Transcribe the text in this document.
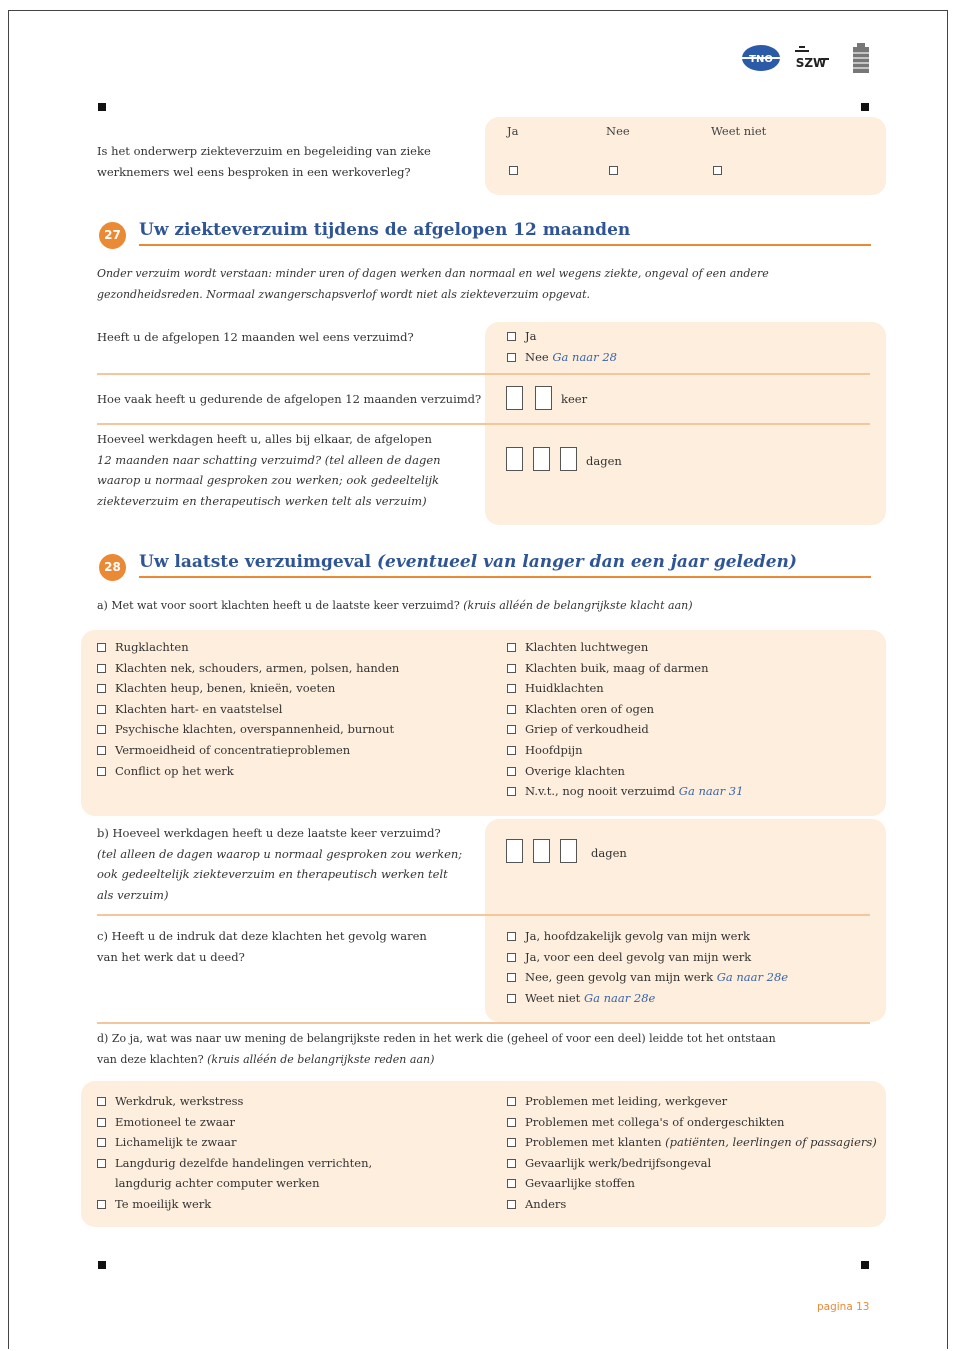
TNO SZW
Is het onderwerp ziekteverzuim en begeleiding van zieke
werknemers wel eens besproken in een werkoverleg?
Ja	Nee	Weet niet
27	Uw ziekteverzuim tijdens de afgelopen 12 maanden
Onder verzuim wordt verstaan: minder uren of dagen werken dan normaal en wel wegens ziekte, ongeval of een andere
gezondheidsreden. Normaal zwangerschapsverlof wordt niet als ziekteverzuim opgevat.
Heeft u de afgelopen 12 maanden wel eens verzuimd?	Ja
Nee Ga naar 28
Hoe vaak heeft u gedurende de afgelopen 12 maanden verzuimd?	keer
Hoeveel werkdagen heeft u, alles bij elkaar, de afgelopen
12 maanden naar schatting verzuimd? (tel alleen de dagen
waarop u normaal gesproken zou werken; ook gedeeltelijk
ziekteverzuim en therapeutisch werken telt als verzuim)
dagen
28	Uw laatste verzuimgeval (eventueel van langer dan een jaar geleden)
a) Met wat voor soort klachten heeft u de laatste keer verzuimd? (kruis alléén de belangrijkste klacht aan)
Rugklachten
Klachten nek, schouders, armen, polsen, handen
Klachten heup, benen, knieën, voeten
Klachten hart- en vaatstelsel
Psychische klachten, overspannenheid, burnout
Vermoeidheid of concentratieproblemen
Conflict op het werk
Klachten luchtwegen
Klachten buik, maag of darmen
Huidklachten
Klachten oren of ogen
Griep of verkoudheid
Hoofdpijn
Overige klachten
N.v.t., nog nooit verzuimd Ga naar 31
b) Hoeveel werkdagen heeft u deze laatste keer verzuimd?
(tel alleen de dagen waarop u normaal gesproken zou werken;
ook gedeeltelijk ziekteverzuim en therapeutisch werken telt
als verzuim)
dagen
c) Heeft u de indruk dat deze klachten het gevolg waren
van het werk dat u deed?
Ja, hoofdzakelijk gevolg van mijn werk
Ja, voor een deel gevolg van mijn werk
Nee, geen gevolg van mijn werk Ga naar 28e
Weet niet Ga naar 28e
d) Zo ja, wat was naar uw mening de belangrijkste reden in het werk die (geheel of voor een deel) leidde tot het ontstaan
van deze klachten? (kruis alléén de belangrijkste reden aan)
Werkdruk, werkstress
Emotioneel te zwaar
Lichamelijk te zwaar
Langdurig dezelfde handelingen verrichten,
langdurig achter computer werken
Te moeilijk werk
Problemen met leiding, werkgever
Problemen met collega's of ondergeschikten
Problemen met klanten (patiënten, leerlingen of passagiers)
Gevaarlijk werk/bedrijfsongeval
Gevaarlijke stoffen
Anders
pagina 13
